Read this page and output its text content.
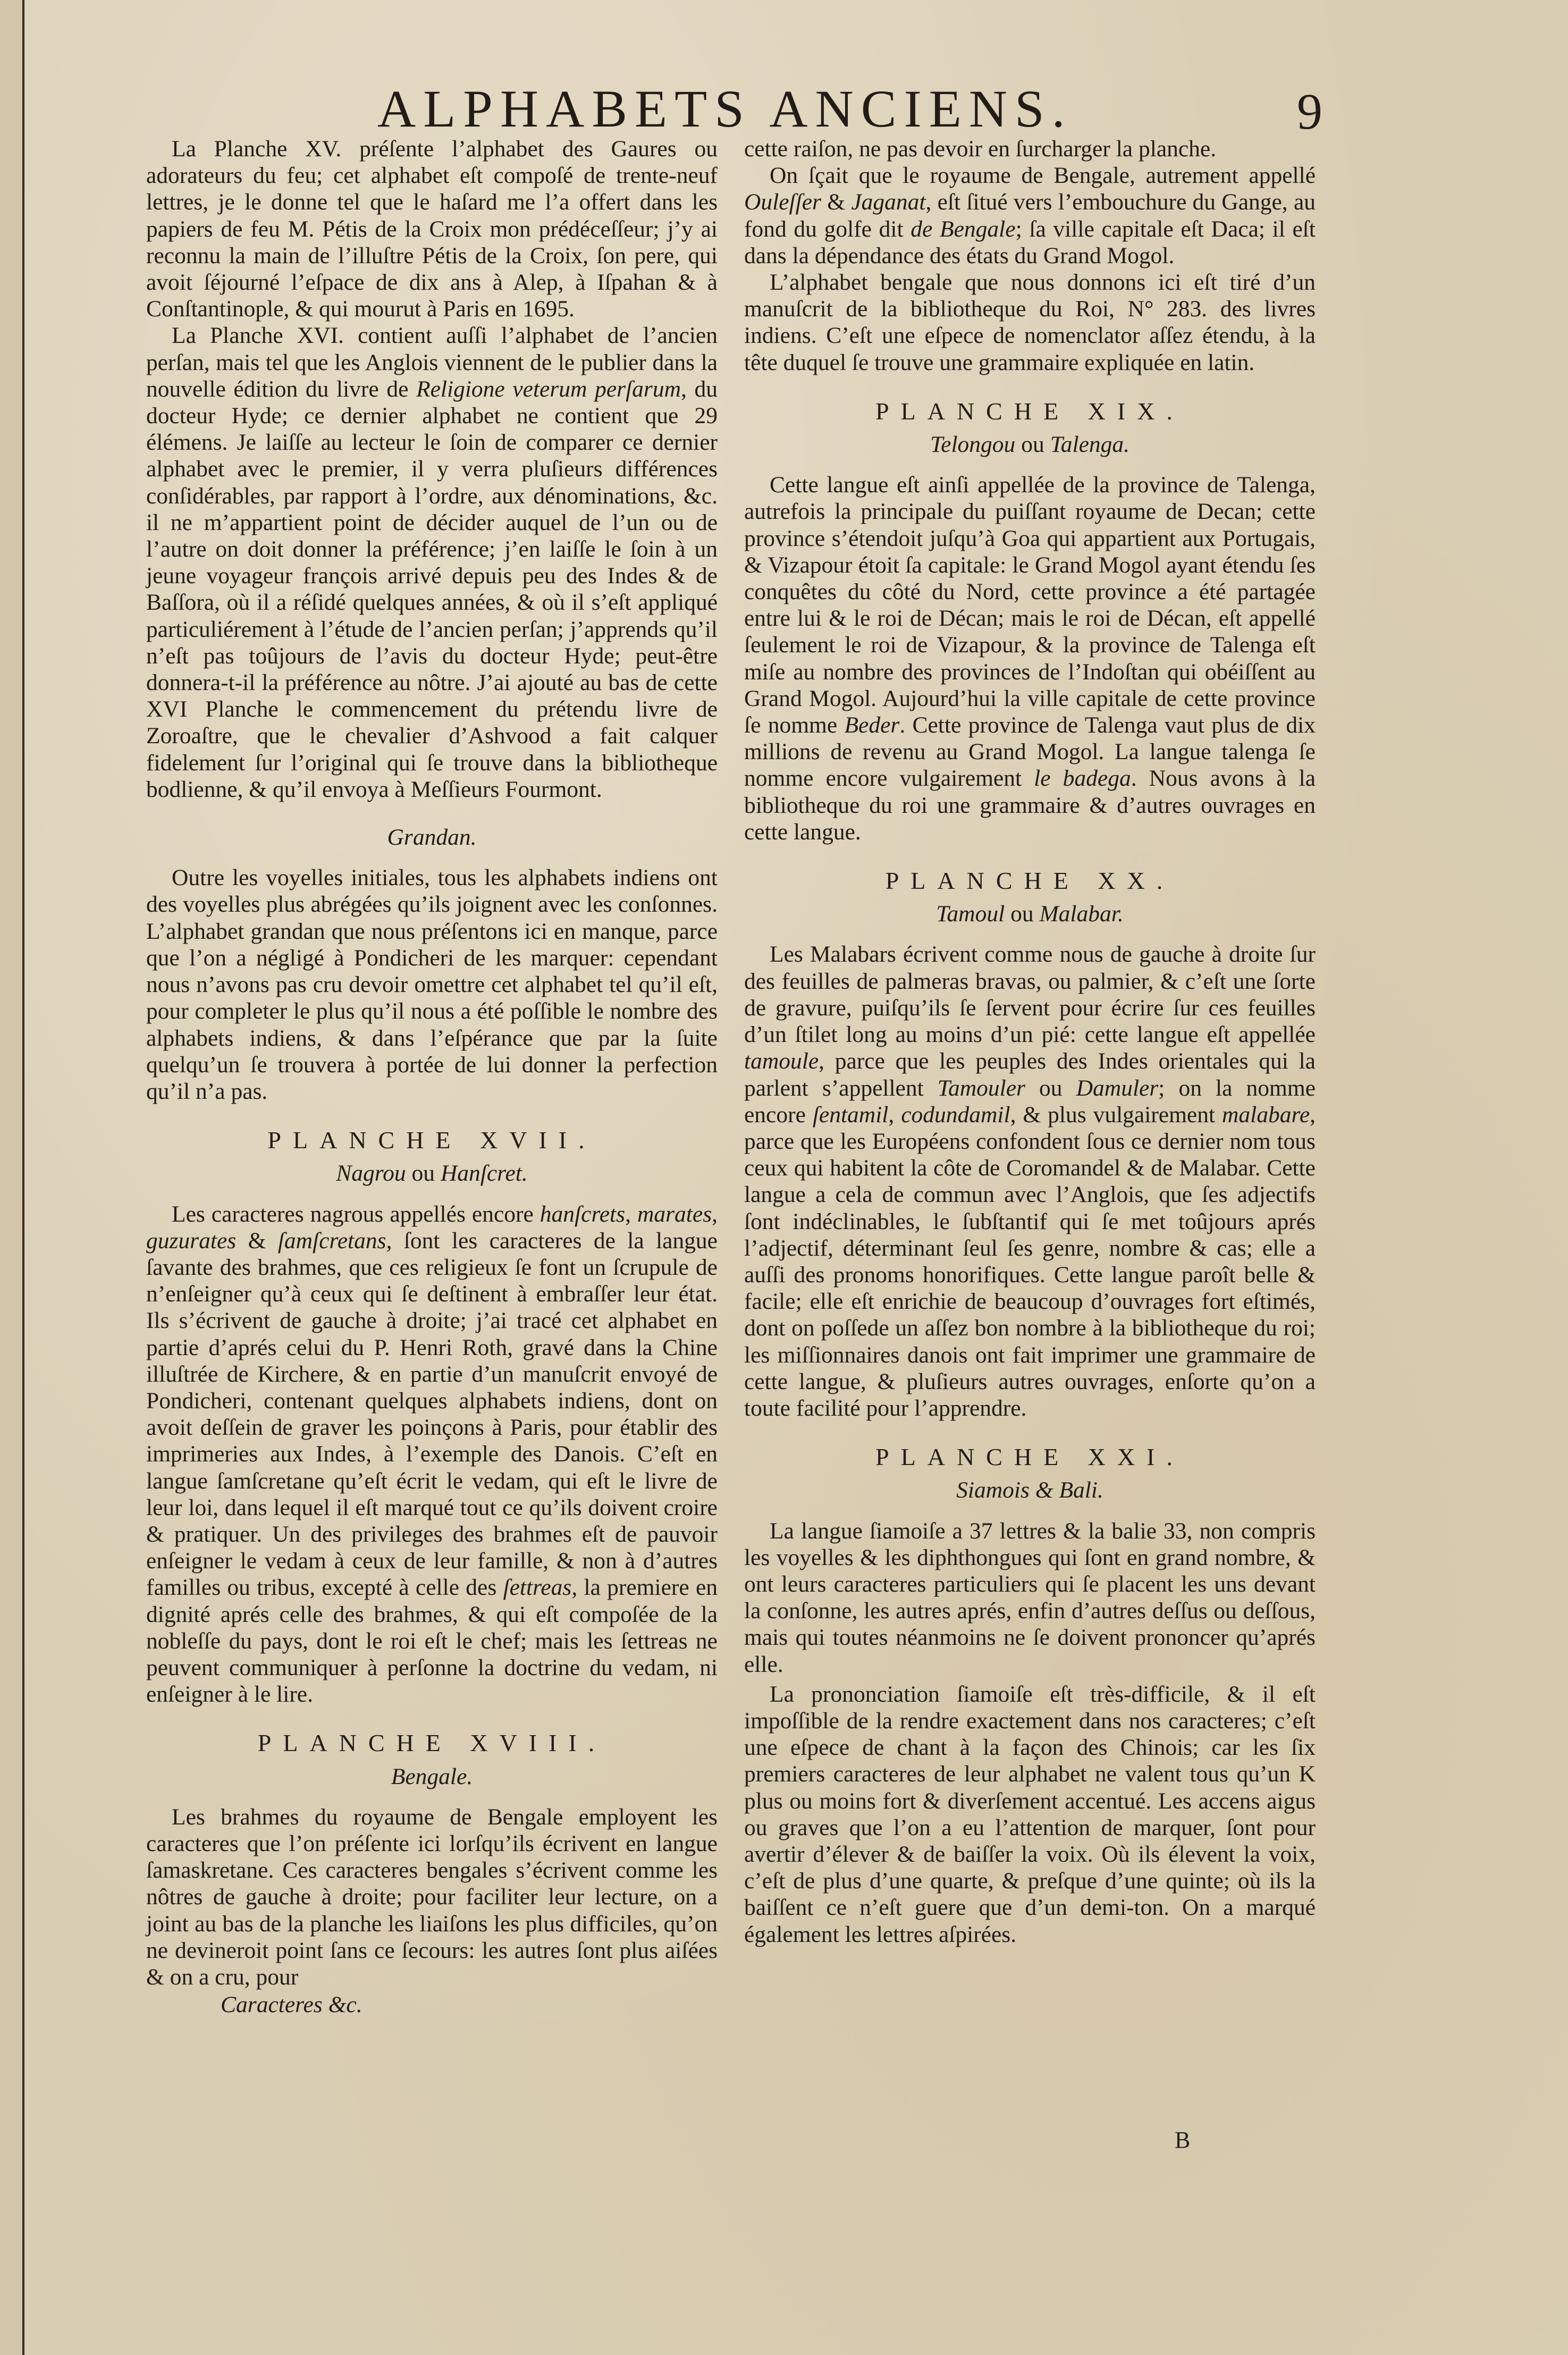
ALPHABETS ANCIENS.	9

La Planche XV. préſente l’alphabet des Gaures ou adorateurs du feu; cet alphabet eſt compoſé de trente-neuf lettres, je le donne tel que le haſard me l’a offert dans les papiers de feu M. Pétis de la Croix mon prédéceſſeur; j’y ai reconnu la main de l’illuſtre Pétis de la Croix, ſon pere, qui avoit ſéjourné l’eſpace de dix ans à Alep, à Iſpahan & à Conſtantinople, & qui mourut à Paris en 1695.

La Planche XVI. contient auſſi l’alphabet de l’ancien perſan, mais tel que les Anglois viennent de le publier dans la nouvelle édition du livre de Religione veterum perſarum, du docteur Hyde; ce dernier alphabet ne contient que 29 élémens. Je laiſſe au lecteur le ſoin de comparer ce dernier alphabet avec le premier, il y verra pluſieurs différences conſidérables, par rapport à l’ordre, aux dénominations, &c. il ne m’appartient point de décider auquel de l’un ou de l’autre on doit donner la préférence; j’en laiſſe le ſoin à un jeune voyageur françois arrivé depuis peu des Indes & de Baſſora, où il a réſidé quelques années, & où il s’eſt appliqué particuliérement à l’étude de l’ancien perſan; j’apprends qu’il n’eſt pas toûjours de l’avis du docteur Hyde; peut-être donnera-t-il la préférence au nôtre. J’ai ajouté au bas de cette XVI Planche le commencement du prétendu livre de Zoroaſtre, que le chevalier d’Ashvood a fait calquer fidelement ſur l’original qui ſe trouve dans la bibliotheque bodlienne, & qu’il envoya à Meſſieurs Fourmont.

Grandan.

Outre les voyelles initiales, tous les alphabets indiens ont des voyelles plus abrégées qu’ils joignent avec les conſonnes. L’alphabet grandan que nous préſentons ici en manque, parce que l’on a négligé à Pondicheri de les marquer: cependant nous n’avons pas cru devoir omettre cet alphabet tel qu’il eſt, pour completer le plus qu’il nous a été poſſible le nombre des alphabets indiens, & dans l’eſpérance que par la ſuite quelqu’un ſe trouvera à portée de lui donner la perfection qu’il n’a pas.

PLANCHE XVII.
Nagrou ou Hanſcret.

Les caracteres nagrous appellés encore hanſcrets, marates, guzurates & ſamſcretans, ſont les caracteres de la langue ſavante des brahmes, que ces religieux ſe font un ſcrupule de n’enſeigner qu’à ceux qui ſe deſtinent à embraſſer leur état. Ils s’écrivent de gauche à droite; j’ai tracé cet alphabet en partie d’aprés celui du P. Henri Roth, gravé dans la Chine illuſtrée de Kirchere, & en partie d’un manuſcrit envoyé de Pondicheri, contenant quelques alphabets indiens, dont on avoit deſſein de graver les poinçons à Paris, pour établir des imprimeries aux Indes, à l’exemple des Danois. C’eſt en langue ſamſcretane qu’eſt écrit le vedam, qui eſt le livre de leur loi, dans lequel il eſt marqué tout ce qu’ils doivent croire & pratiquer. Un des privileges des brahmes eſt de pauvoir enſeigner le vedam à ceux de leur famille, & non à d’autres familles ou tribus, excepté à celle des ſettreas, la premiere en dignité aprés celle des brahmes, & qui eſt compoſée de la nobleſſe du pays, dont le roi eſt le chef; mais les ſettreas ne peuvent communiquer à perſonne la doctrine du vedam, ni enſeigner à le lire.

PLANCHE XVIII.
Bengale.

Les brahmes du royaume de Bengale employent les caracteres que l’on préſente ici lorſqu’ils écrivent en langue ſamaskretane. Ces caracteres bengales s’écrivent comme les nôtres de gauche à droite; pour faciliter leur lecture, on a joint au bas de la planche les liaiſons les plus difficiles, qu’on ne devineroit point ſans ce ſecours: les autres ſont plus aiſées & on a cru, pour

Caracteres &c.

cette raiſon, ne pas devoir en ſurcharger la planche.

On ſçait que le royaume de Bengale, autrement appellé Ouleſſer & Jaganat, eſt ſitué vers l’embouchure du Gange, au fond du golfe dit de Bengale; ſa ville capitale eſt Daca; il eſt dans la dépendance des états du Grand Mogol.

L’alphabet bengale que nous donnons ici eſt tiré d’un manuſcrit de la bibliotheque du Roi, N° 283. des livres indiens. C’eſt une eſpece de nomenclator aſſez étendu, à la tête duquel ſe trouve une grammaire expliquée en latin.

PLANCHE XIX.
Telongou ou Talenga.

Cette langue eſt ainſi appellée de la province de Talenga, autrefois la principale du puiſſant royaume de Decan; cette province s’étendoit juſqu’à Goa qui appartient aux Portugais, & Vizapour étoit ſa capitale: le Grand Mogol ayant étendu ſes conquêtes du côté du Nord, cette province a été partagée entre lui & le roi de Décan; mais le roi de Décan, eſt appellé ſeulement le roi de Vizapour, & la province de Talenga eſt miſe au nombre des provinces de l’Indoſtan qui obéiſſent au Grand Mogol. Aujourd’hui la ville capitale de cette province ſe nomme Beder. Cette province de Talenga vaut plus de dix millions de revenu au Grand Mogol. La langue talenga ſe nomme encore vulgairement le badega. Nous avons à la bibliotheque du roi une grammaire & d’autres ouvrages en cette langue.

PLANCHE XX.
Tamoul ou Malabar.

Les Malabars écrivent comme nous de gauche à droite ſur des feuilles de palmeras bravas, ou palmier, & c’eſt une ſorte de gravure, puiſqu’ils ſe ſervent pour écrire ſur ces feuilles d’un ſtilet long au moins d’un pié: cette langue eſt appellée tamoule, parce que les peuples des Indes orientales qui la parlent s’appellent Tamouler ou Damuler; on la nomme encore ſentamil, codundamil, & plus vulgairement malabare, parce que les Européens confondent ſous ce dernier nom tous ceux qui habitent la côte de Coromandel & de Malabar. Cette langue a cela de commun avec l’Anglois, que ſes adjectifs ſont indéclinables, le ſubſtantif qui ſe met toûjours aprés l’adjectif, déterminant ſeul ſes genre, nombre & cas; elle a auſſi des pronoms honorifiques. Cette langue paroît belle & facile; elle eſt enrichie de beaucoup d’ouvrages fort eſtimés, dont on poſſede un aſſez bon nombre à la bibliotheque du roi; les miſſionnaires danois ont fait imprimer une grammaire de cette langue, & pluſieurs autres ouvrages, enſorte qu’on a toute facilité pour l’apprendre.

PLANCHE XXI.
Siamois & Bali.

La langue ſiamoiſe a 37 lettres & la balie 33, non compris les voyelles & les diphthongues qui ſont en grand nombre, & ont leurs caracteres particuliers qui ſe placent les uns devant la conſonne, les autres aprés, enfin d’autres deſſus ou deſſous, mais qui toutes néanmoins ne ſe doivent prononcer qu’aprés elle.

La prononciation ſiamoiſe eſt très-difficile, & il eſt impoſſible de la rendre exactement dans nos caracteres; c’eſt une eſpece de chant à la façon des Chinois; car les ſix premiers caracteres de leur alphabet ne valent tous qu’un K plus ou moins fort & diverſement accentué. Les accens aigus ou graves que l’on a eu l’attention de marquer, ſont pour avertir d’élever & de baiſſer la voix. Où ils élevent la voix, c’eſt de plus d’une quarte, & preſque d’une quinte; où ils la baiſſent ce n’eſt guere que d’un demi-ton. On a marqué également les lettres aſpirées.

B
